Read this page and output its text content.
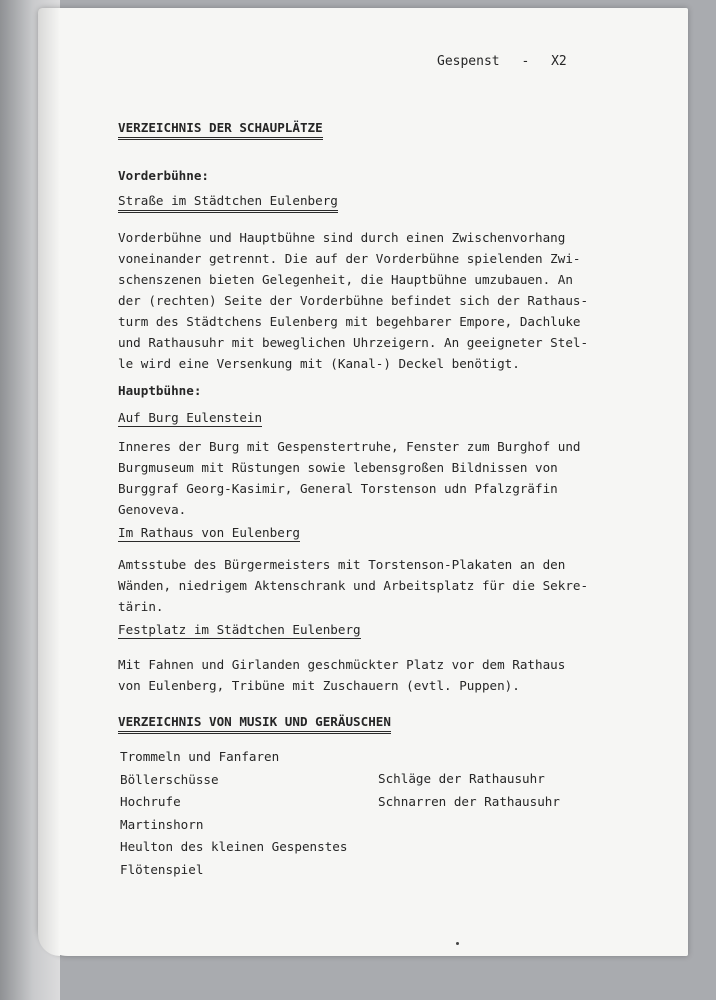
Gespenst - X2
VERZEICHNIS DER SCHAUPLÄTZE
Vorderbühne:
Straße im Städtchen Eulenberg
Vorderbühne und Hauptbühne sind durch einen Zwischenvorhang
voneinander getrennt. Die auf der Vorderbühne spielenden Zwi-
schenszenen bieten Gelegenheit, die Hauptbühne umzubauen. An
der (rechten) Seite der Vorderbühne befindet sich der Rathaus-
turm des Städtchens Eulenberg mit begehbarer Empore, Dachluke
und Rathausuhr mit beweglichen Uhrzeigern. An geeigneter Stel-
le wird eine Versenkung mit (Kanal-) Deckel benötigt.
Hauptbühne:
Auf Burg Eulenstein
Inneres der Burg mit Gespenstertruhe, Fenster zum Burghof und
Burgmuseum mit Rüstungen sowie lebensgroßen Bildnissen von
Burggraf Georg-Kasimir, General Torstenson udn Pfalzgräfin
Genoveva.
Im Rathaus von Eulenberg
Amtsstube des Bürgermeisters mit Torstenson-Plakaten an den
Wänden, niedrigem Aktenschrank und Arbeitsplatz für die Sekre-
tärin.
Festplatz im Städtchen Eulenberg
Mit Fahnen und Girlanden geschmückter Platz vor dem Rathaus
von Eulenberg, Tribüne mit Zuschauern (evtl. Puppen).
VERZEICHNIS VON MUSIK UND GERÄUSCHEN
Trommeln und Fanfaren
Böllerschüsse
Hochrufe
Martinshorn
Heulton des kleinen Gespenstes
Flötenspiel
Schläge der Rathausuhr
Schnarren der Rathausuhr
